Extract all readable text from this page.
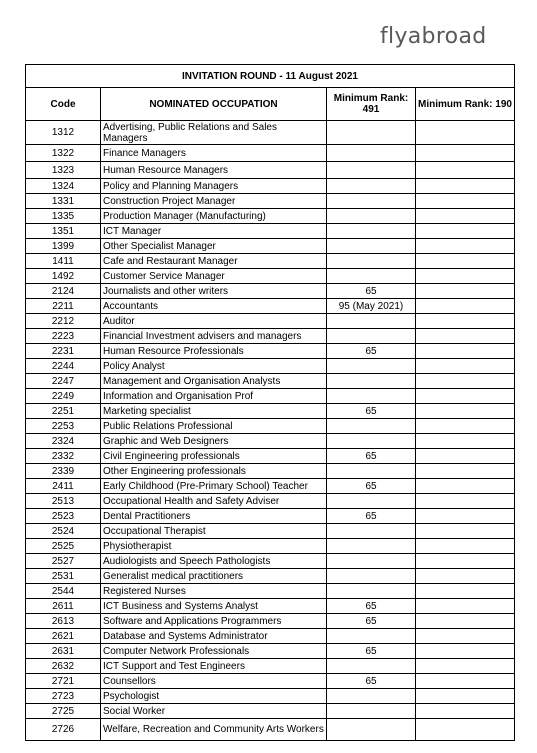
flyabroad
INVITATION ROUND - 11 August 2021			
Code	NOMINATED OCCUPATION	Minimum Rank: 491	Minimum Rank: 190
1312	Advertising, Public Relations and Sales Managers		
1322	Finance Managers		
1323	Human Resource Managers		
1324	Policy and Planning Managers		
1331	Construction Project Manager		
1335	Production Manager (Manufacturing)		
1351	ICT Manager		
1399	Other Specialist Manager		
1411	Cafe and Restaurant Manager		
1492	Customer Service Manager		
2124	Journalists and other writers	65	
2211	Accountants	95 (May 2021)	
2212	Auditor		
2223	Financial Investment advisers and managers		
2231	Human Resource Professionals	65	
2244	Policy Analyst		
2247	Management and Organisation Analysts		
2249	Information and Organisation Prof		
2251	Marketing specialist	65	
2253	Public Relations Professional		
2324	Graphic and Web Designers		
2332	Civil Engineering professionals	65	
2339	Other Engineering professionals		
2411	Early Childhood (Pre-Primary School) Teacher	65	
2513	Occupational Health and Safety Adviser		
2523	Dental Practitioners	65	
2524	Occupational Therapist		
2525	Physiotherapist		
2527	Audiologists and Speech Pathologists		
2531	Generalist medical practitioners		
2544	Registered Nurses		
2611	ICT Business and Systems Analyst	65	
2613	Software and Applications Programmers	65	
2621	Database and Systems Administrator		
2631	Computer Network Professionals	65	
2632	ICT Support and Test Engineers		
2721	Counsellors	65	
2723	Psychologist		
2725	Social Worker		
2726	Welfare, Recreation and Community Arts Workers		
